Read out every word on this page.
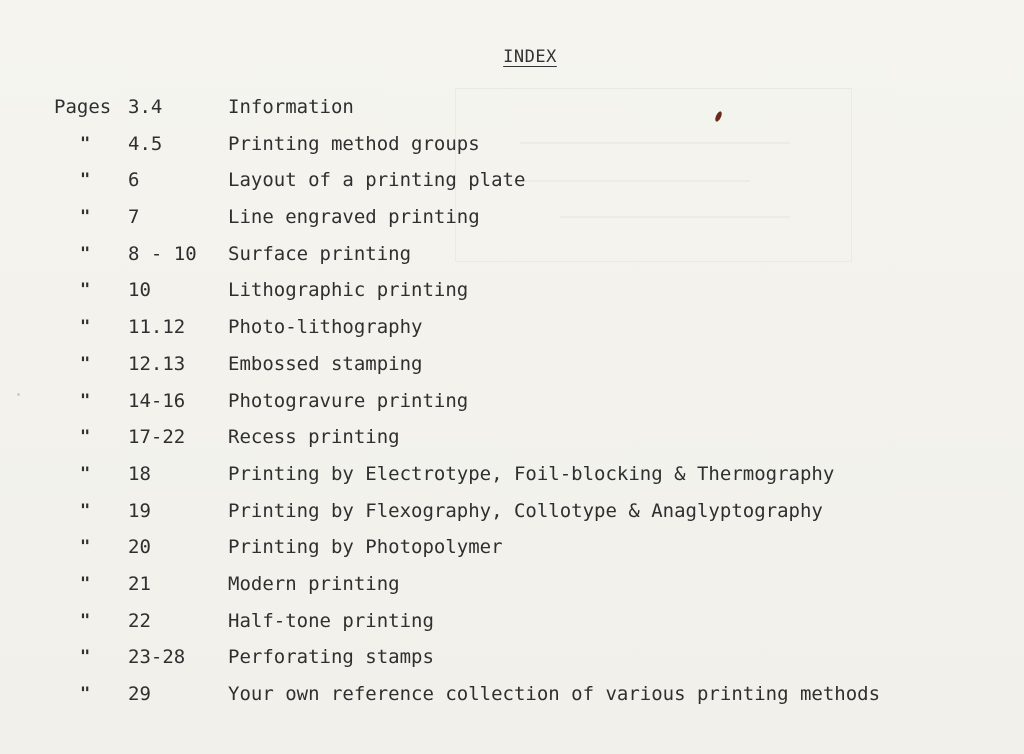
INDEX
Pages 3.4	Information
"	4.5	Printing method groups
"	6	Layout of a printing plate
"	7	Line engraved printing
"	8 - 10	Surface printing
"	10	Lithographic printing
"	11.12	Photo-lithography
"	12.13	Embossed stamping
"	14-16	Photogravure printing
"	17-22	Recess printing
"	18	Printing by Electrotype, Foil-blocking & Thermography
"	19	Printing by Flexography, Collotype & Anaglyptography
"	20	Printing by Photopolymer
"	21	Modern printing
"	22	Half-tone printing
"	23-28	Perforating stamps
"	29	Your own reference collection of various printing methods
